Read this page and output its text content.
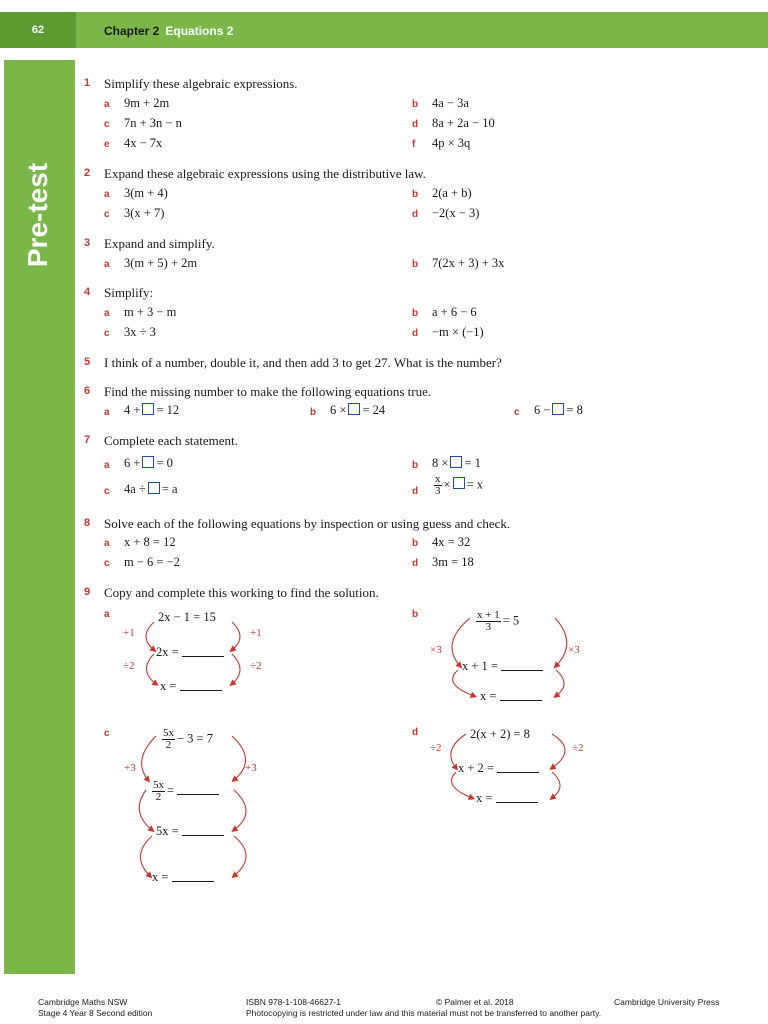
62	Chapter 2 Equations 2
Pre-test
1 Simplify these algebraic expressions.
a 9m + 2m	b 4a − 3a
c 7n + 3n − n	d 8a + 2a − 10
e 4x − 7x	f 4p × 3q
2 Expand these algebraic expressions using the distributive law.
a 3(m + 4)	b 2(a + b)
c 3(x + 7)	d −2(x − 3)
3 Expand and simplify.
a 3(m + 5) + 2m	b 7(2x + 3) + 3x
4 Simplify:
a m + 3 − m	b a + 6 − 6
c 3x ÷ 3	d −m × (−1)
5 I think of a number, double it, and then add 3 to get 27. What is the number?
6 Find the missing number to make the following equations true.
a 4 + = 12	b 6 × = 24	c 6 − = 8
7 Complete each statement.
a 6 + = 0	b 8 × = 1
c 4a ÷ = a	d $\frac{x}{3}$ × = x
8 Solve each of the following equations by inspection or using guess and check.
a x + 8 = 12	b 4x = 32
c m − 6 = −2	d 3m = 18
9 Copy and complete this working to find the solution.
a	2x − 1 = 15
2x =
x =
+1	+1
÷2	÷2
b	$\frac{x + 1}{3} = 5$
x + 1 =
x =
×3	×3
c	$\frac{5x}{2} - 3 = 7$
$\frac{5x}{2}$ =
5x =
x =
+3	+3
d	2(x + 2) = 8
x + 2 =
x =
÷2	÷2
Cambridge Maths NSW
Stage 4 Year 8 Second edition
ISBN 978-1-108-46627-1
Photocopying is restricted under law and this material must not be transferred to another party.
© Palmer et al. 2018	Cambridge University Press
